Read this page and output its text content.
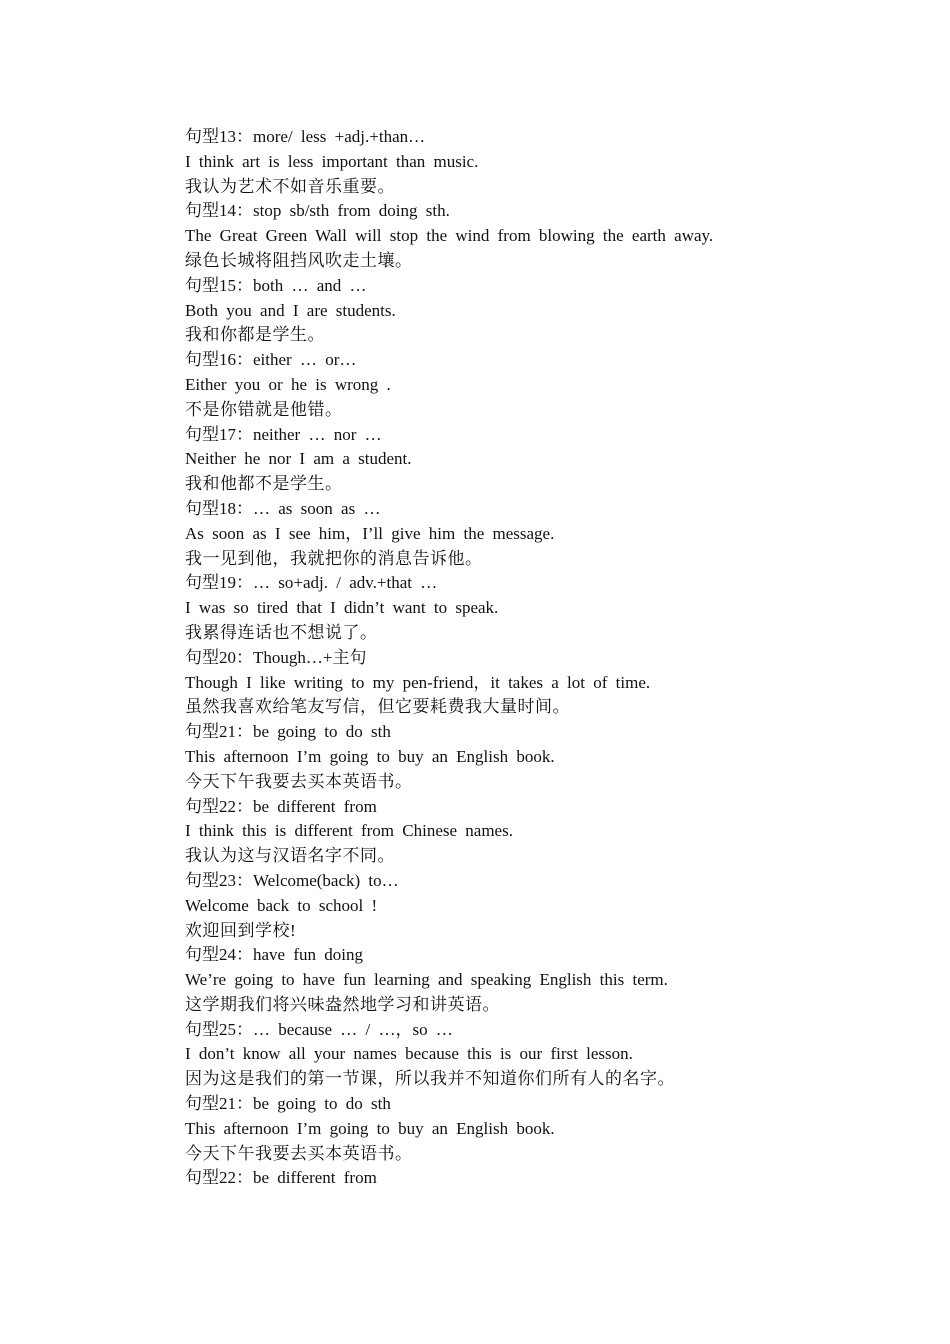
句型13：more/ less +adj.+than…
I think art is less important than music.
我认为艺术不如音乐重要。
句型14：stop sb/sth from doing sth.
The Great Green Wall will stop the wind from blowing the earth away.
绿色长城将阻挡风吹走土壤。
句型15：both … and …
Both you and I are students.
我和你都是学生。
句型16：either … or…
Either you or he is wrong .
不是你错就是他错。
句型17：neither … nor …
Neither he nor I am a student.
我和他都不是学生。
句型18：… as soon as …
As soon as I see him，I’ll give him the message.
我一见到他，我就把你的消息告诉他。
句型19：… so+adj. / adv.+that …
I was so tired that I didn’t want to speak.
我累得连话也不想说了。
句型20：Though…+主句
Though I like writing to my pen-friend，it takes a lot of time.
虽然我喜欢给笔友写信，但它要耗费我大量时间。
句型21：be going to do sth
This afternoon I’m going to buy an English book.
今天下午我要去买本英语书。
句型22：be different from
I think this is different from Chinese names.
我认为这与汉语名字不同。
句型23：Welcome(back) to…
Welcome back to school !
欢迎回到学校!
句型24：have fun doing
We’re going to have fun learning and speaking English this term.
这学期我们将兴味盎然地学习和讲英语。
句型25：… because … / …，so …
I don’t know all your names because this is our first lesson.
因为这是我们的第一节课，所以我并不知道你们所有人的名字。
句型21：be going to do sth
This afternoon I’m going to buy an English book.
今天下午我要去买本英语书。
句型22：be different from
